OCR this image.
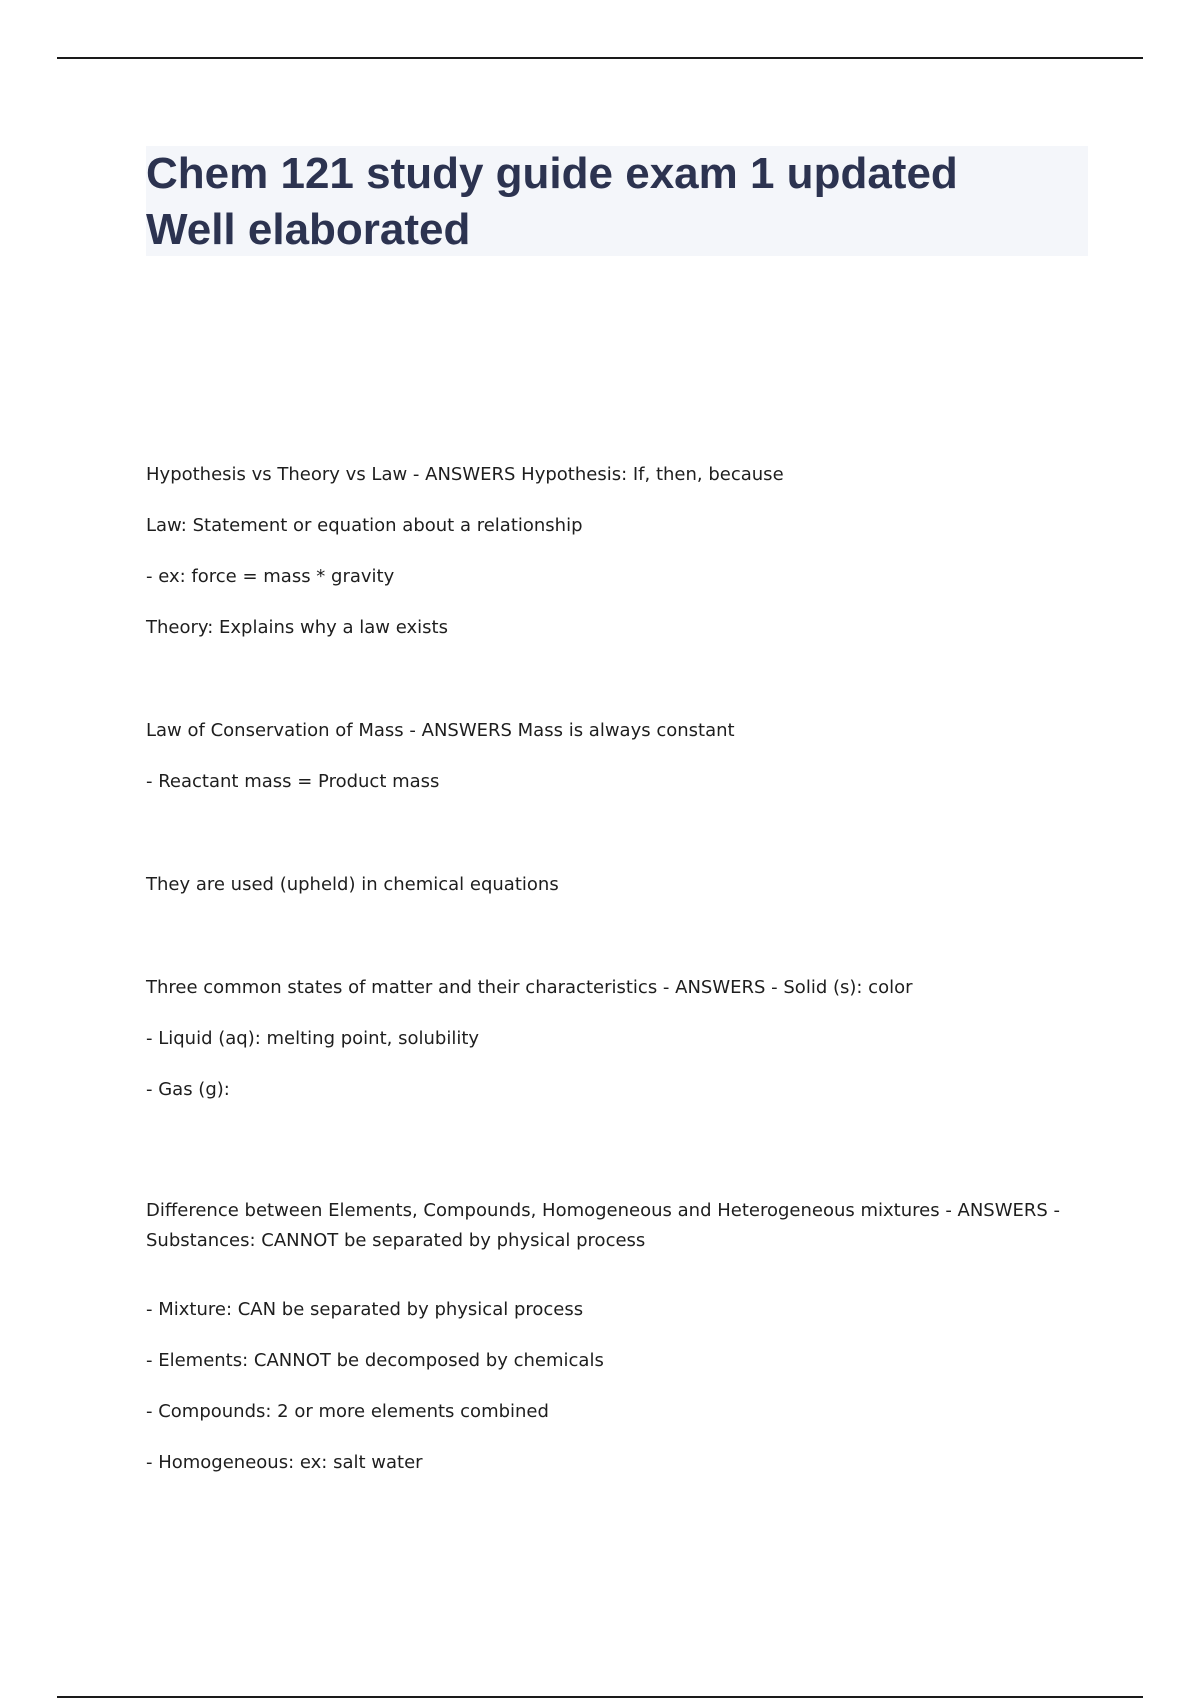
Chem 121 study guide exam 1 updated
Well elaborated

Hypothesis vs Theory vs Law - ANSWERS Hypothesis: If, then, because

Law: Statement or equation about a relationship

- ex: force = mass * gravity

Theory: Explains why a law exists

Law of Conservation of Mass - ANSWERS Mass is always constant

- Reactant mass = Product mass

They are used (upheld) in chemical equations

Three common states of matter and their characteristics - ANSWERS - Solid (s): color

- Liquid (aq): melting point, solubility

- Gas (g):

Difference between Elements, Compounds, Homogeneous and Heterogeneous mixtures - ANSWERS - Substances: CANNOT be separated by physical process

- Mixture: CAN be separated by physical process

- Elements: CANNOT be decomposed by chemicals

- Compounds: 2 or more elements combined

- Homogeneous: ex: salt water
